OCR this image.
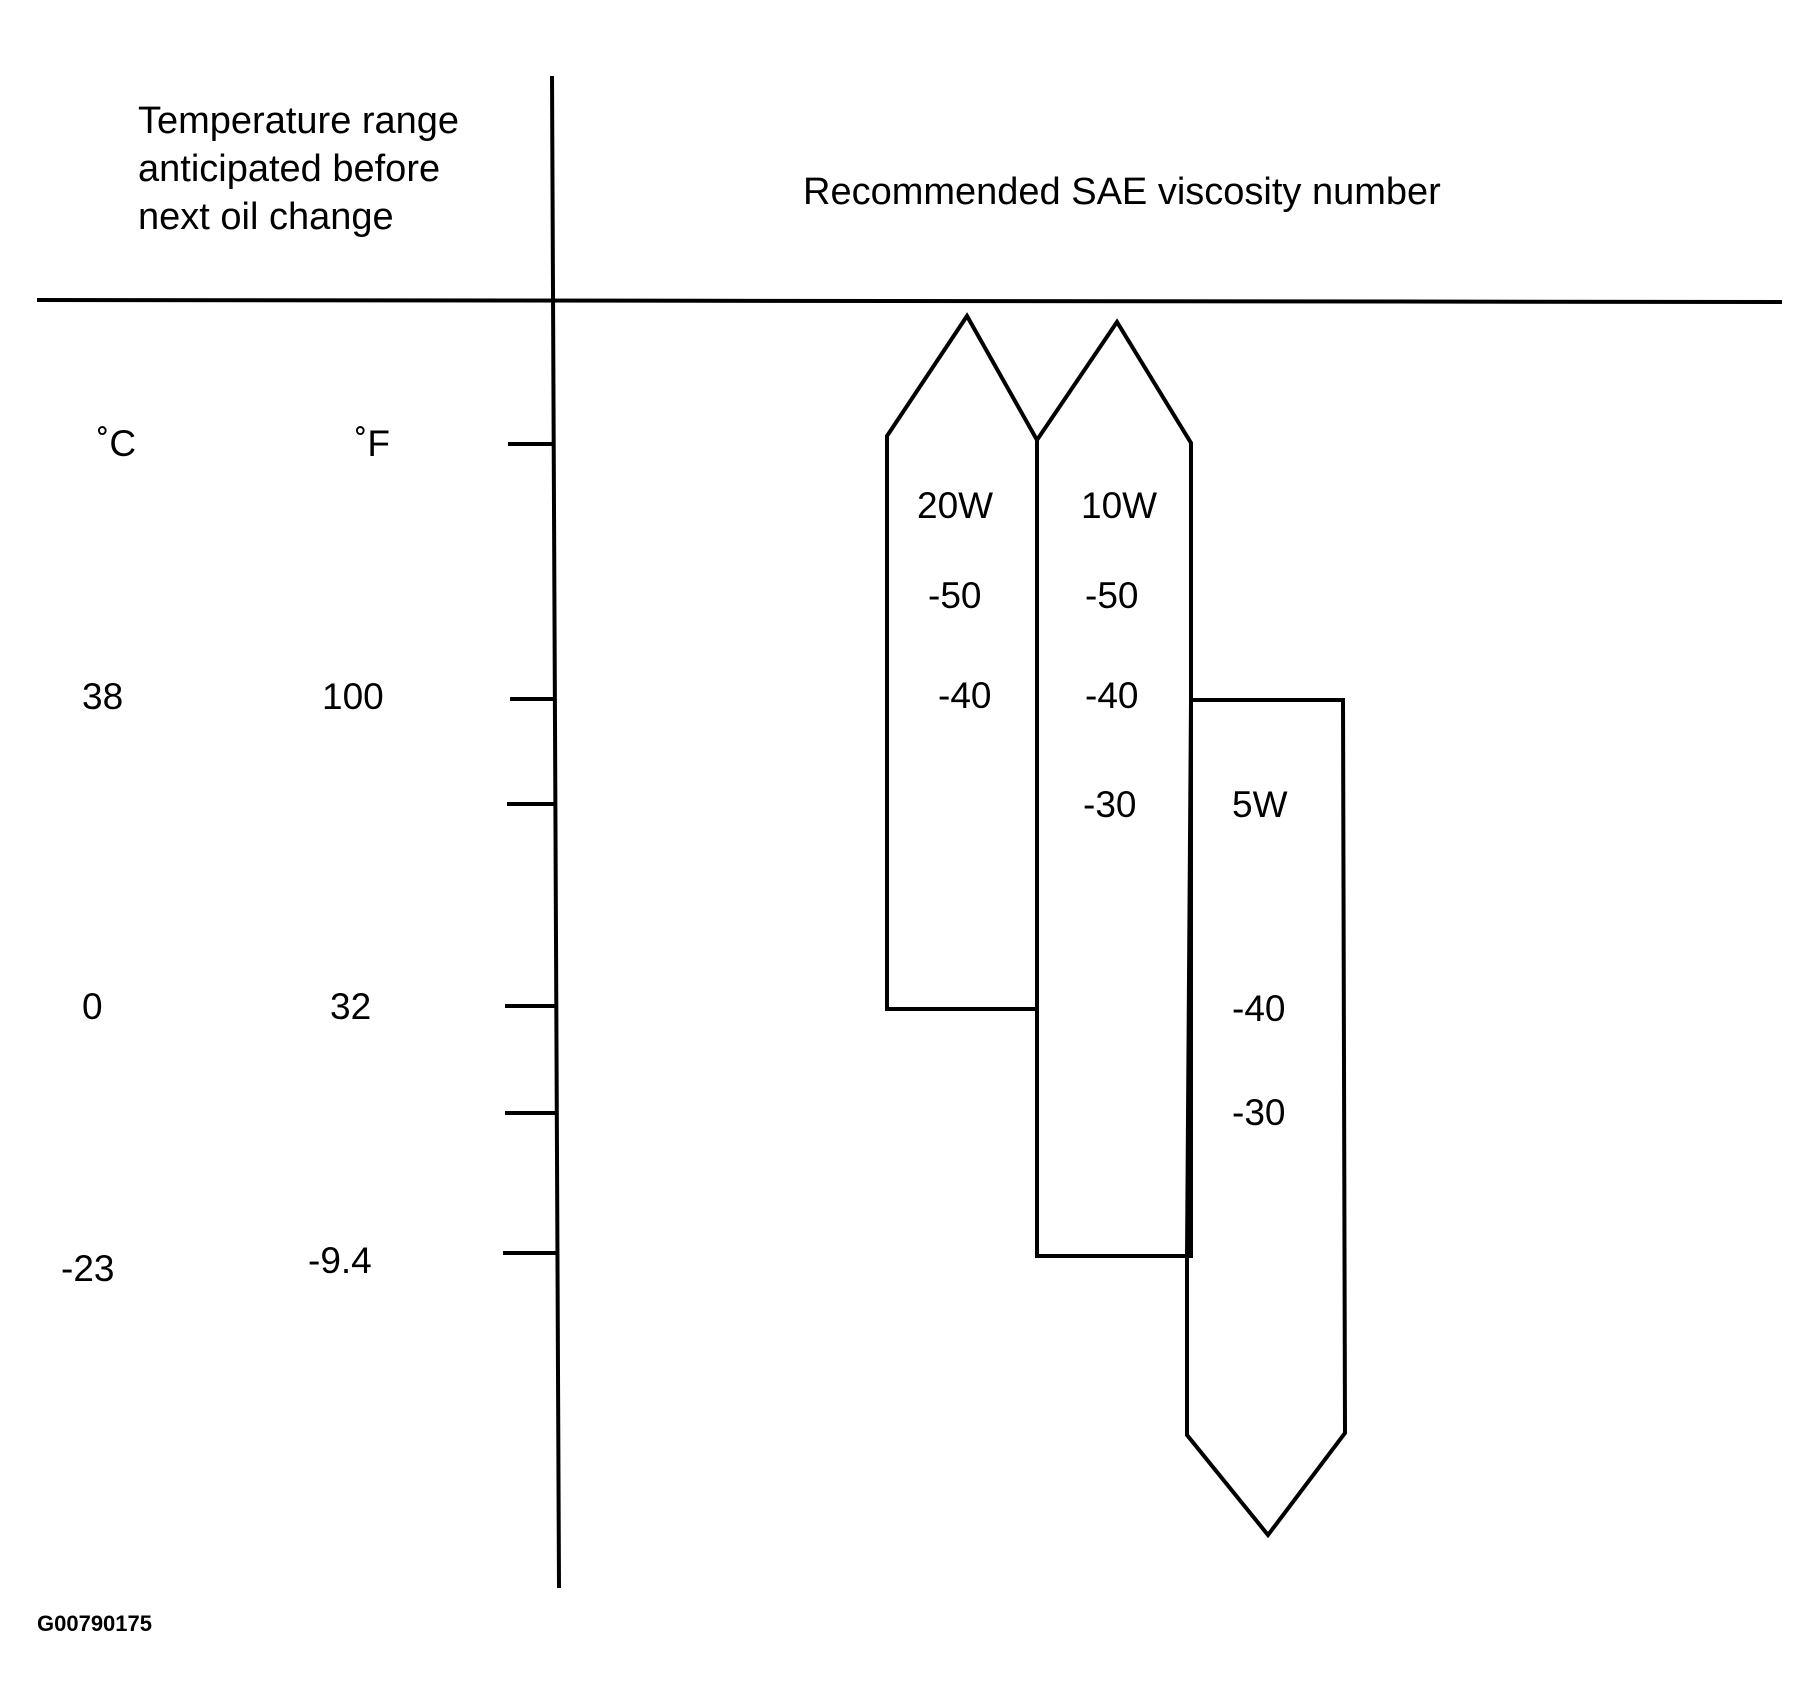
Temperature range
anticipated before
next oil change
Recommended SAE viscosity number
˚C	˚F
38
0
-23
100
32
-9.4
20W
-50
-40
10W
-50
-40
-30	5W
-40
-30
G00790175
